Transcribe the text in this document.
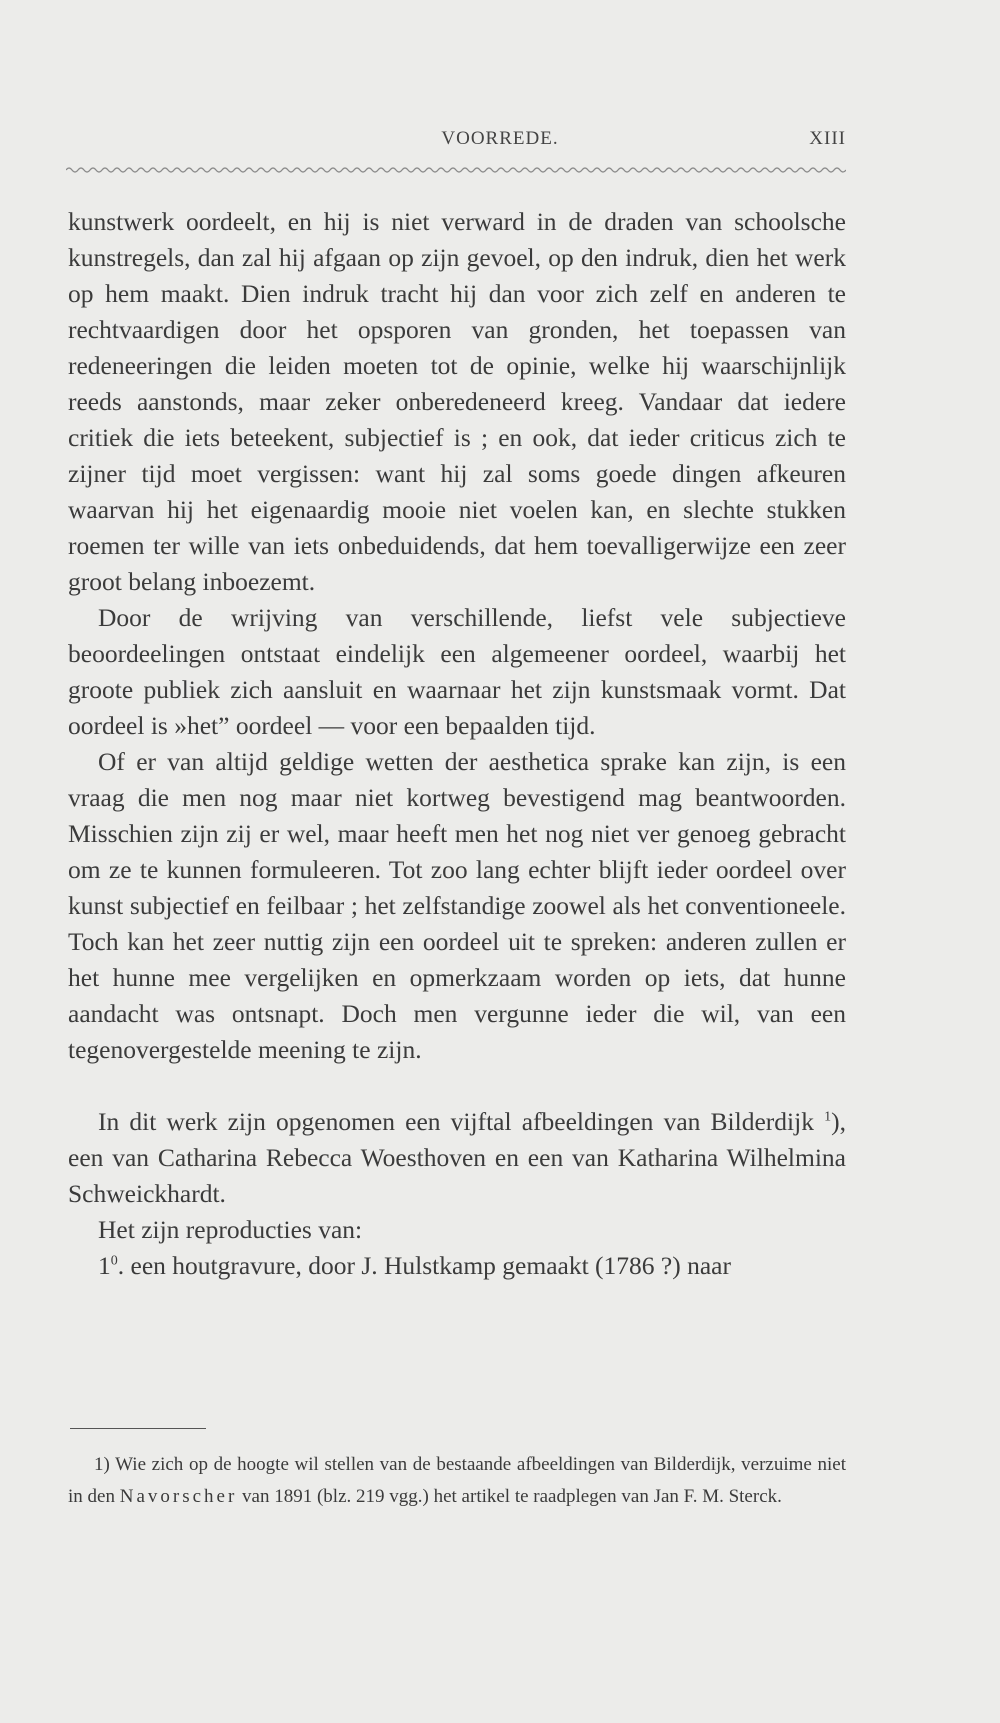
VOORREDE.	XIII

kunstwerk oordeelt, en hij is niet verward in de draden van schoolsche kunstregels, dan zal hij afgaan op zijn gevoel, op den indruk, dien het werk op hem maakt. Dien indruk tracht hij dan voor zich zelf en anderen te rechtvaardigen door het opsporen van gronden, het toepassen van redeneeringen die leiden moeten tot de opinie, welke hij waarschijnlijk reeds aanstonds, maar zeker onberedeneerd kreeg. Vandaar dat iedere critiek die iets beteekent, subjectief is ; en ook, dat ieder criticus zich te zijner tijd moet vergissen: want hij zal soms goede dingen afkeuren waarvan hij het eigenaardig mooie niet voelen kan, en slechte stukken roemen ter wille van iets onbeduidends, dat hem toevalligerwijze een zeer groot belang inboezemt.

Door de wrijving van verschillende, liefst vele subjectieve beoordeelingen ontstaat eindelijk een algemeener oordeel, waarbij het groote publiek zich aansluit en waarnaar het zijn kunstsmaak vormt. Dat oordeel is »het” oordeel — voor een bepaalden tijd.

Of er van altijd geldige wetten der aesthetica sprake kan zijn, is een vraag die men nog maar niet kortweg bevestigend mag beantwoorden. Misschien zijn zij er wel, maar heeft men het nog niet ver genoeg gebracht om ze te kunnen formuleeren. Tot zoo lang echter blijft ieder oordeel over kunst subjectief en feilbaar ; het zelfstandige zoowel als het conventioneele. Toch kan het zeer nuttig zijn een oordeel uit te spreken: anderen zullen er het hunne mee vergelijken en opmerkzaam worden op iets, dat hunne aandacht was ontsnapt. Doch men vergunne ieder die wil, van een tegenovergestelde meening te zijn.

In dit werk zijn opgenomen een vijftal afbeeldingen van Bilderdijk $^1$), een van Catharina Rebecca Woesthoven en een van Katharina Wilhelmina Schweickhardt.

Het zijn reproducties van:

$1^0$. een houtgravure, door J. Hulstkamp gemaakt (1786 ?) naar

1) Wie zich op de hoogte wil stellen van de bestaande afbeeldingen van Bilderdijk, verzuime niet in den Navorscher van 1891 (blz. 219 vgg.) het artikel te raadplegen van Jan F. M. Sterck.
